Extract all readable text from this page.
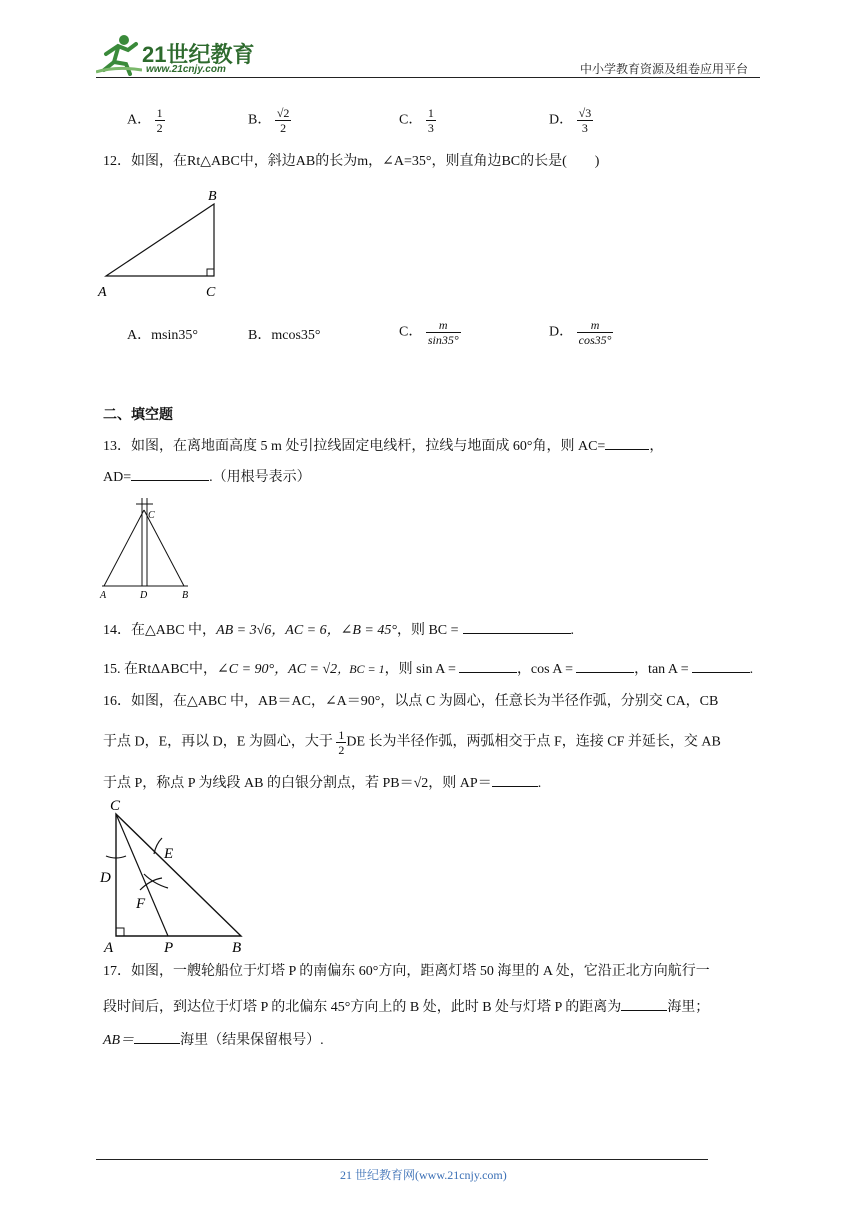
21世纪教育
www.21cnjy.com	中小学教育资源及组卷应用平台
A． $\frac{1}{2}$	B． $\frac{√2}{2}$	C． $\frac{1}{3}$	D． $\frac{√3}{3}$
12．如图，在Rt△ABC中，斜边AB的长为m，∠A=35°，则直角边BC的长是(　　)
B
A	C
A．msin35°	B．mcos35°	C． $\frac{m}{\sin 35^\circ}$	D． $\frac{m}{\cos 35^\circ}$
二、填空题
13．如图，在离地面高度 5 m 处引拉线固定电线杆，拉线与地面成 60°角，则 AC=	，
AD=	.（用根号表示）
C
A	D	B
14．在△ABC 中，AB = 3√6，AC = 6，∠B = 45°，则 BC =	.
15. 在RtΔABC中，∠C = 90°，AC = √2，BC = 1，则 sin A =	，cos A =	，tan A =	.
16．如图，在△ABC 中，AB＝AC，∠A＝90°，以点 C 为圆心，任意长为半径作弧，分别交 CA，CB
于点 D，E，再以 D，E 为圆心，大于 $\frac{1}{2}$ DE 长为半径作弧，两弧相交于点 F，连接 CF 并延长，交 AB
于点 P，称点 P 为线段 AB 的白银分割点，若 PB＝√2，则 AP＝	.
C
D
E
F
A	P	B
17．如图，一艘轮船位于灯塔 P 的南偏东 60°方向，距离灯塔 50 海里的 A 处，它沿正北方向航行一
段时间后，到达位于灯塔 P 的北偏东 45°方向上的 B 处，此时 B 处与灯塔 P 的距离为	海里；
AB＝	海里（结果保留根号）.
21 世纪教育网(www.21cnjy.com)
